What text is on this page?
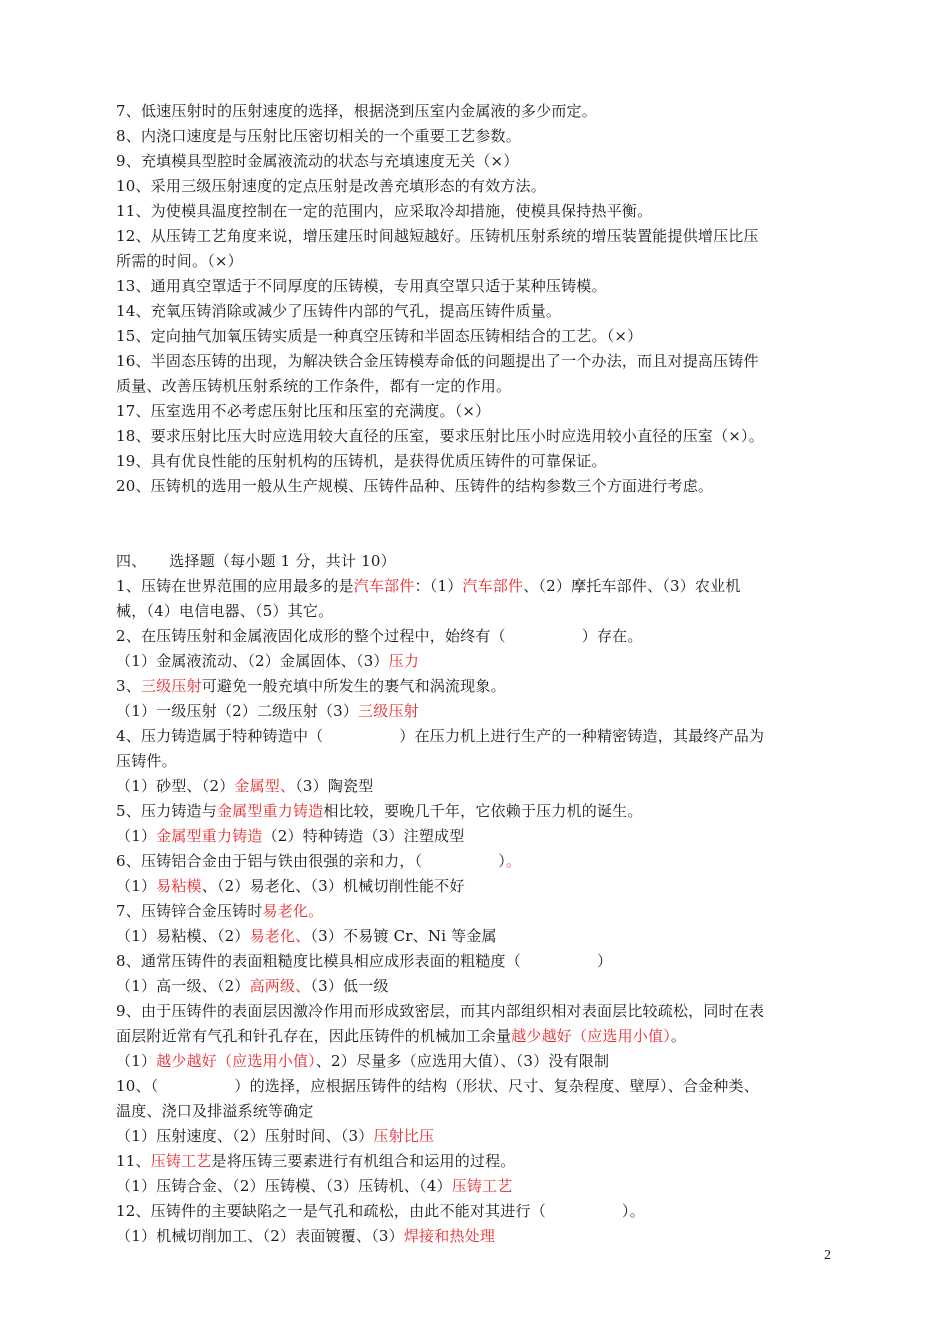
7、低速压射时的压射速度的选择，根据浇到压室内金属液的多少而定。
8、内浇口速度是与压射比压密切相关的一个重要工艺参数。
9、充填模具型腔时金属液流动的状态与充填速度无关（×）
10、采用三级压射速度的定点压射是改善充填形态的有效方法。
11、为使模具温度控制在一定的范围内，应采取冷却措施，使模具保持热平衡。
12、从压铸工艺角度来说，增压建压时间越短越好。压铸机压射系统的增压装置能提供增压比压
所需的时间。（×）
13、通用真空罩适于不同厚度的压铸模，专用真空罩只适于某种压铸模。
14、充氧压铸消除或减少了压铸件内部的气孔，提高压铸件质量。
15、定向抽气加氧压铸实质是一种真空压铸和半固态压铸相结合的工艺。（×）
16、半固态压铸的出现，为解决铁合金压铸模寿命低的问题提出了一个办法，而且对提高压铸件
质量、改善压铸机压射系统的工作条件，都有一定的作用。
17、压室选用不必考虑压射比压和压室的充满度。（×）
18、要求压射比压大时应选用较大直径的压室，要求压射比压小时应选用较小直径的压室（×）。
19、具有优良性能的压射机构的压铸机，是获得优质压铸件的可靠保证。
20、压铸机的选用一般从生产规模、压铸件品种、压铸件的结构参数三个方面进行考虑。
四、　　选择题（每小题 1 分，共计 10）
1、压铸在世界范围的应用最多的是汽车部件：（1）汽车部件、（2）摩托车部件、（3）农业机
械，（4）电信电器、（5）其它。
2、在压铸压射和金属液固化成形的整个过程中，始终有（　　　　　）存在。
（1）金属液流动、（2）金属固体、（3）压力
3、三级压射可避免一般充填中所发生的裹气和涡流现象。
（1）一级压射（2）二级压射（3）三级压射
4、压力铸造属于特种铸造中（　　　　　）在压力机上进行生产的一种精密铸造，其最终产品为
压铸件。
（1）砂型、（2）金属型、（3）陶瓷型
5、压力铸造与金属型重力铸造相比较，要晚几千年，它依赖于压力机的诞生。
（1）金属型重力铸造（2）特种铸造（3）注塑成型
6、压铸铝合金由于铝与铁由很强的亲和力，（　　　　　）。
（1）易粘模、（2）易老化、（3）机械切削性能不好
7、压铸锌合金压铸时易老化。
（1）易粘模、（2）易老化、（3）不易镀 Cr、Ni 等金属
8、通常压铸件的表面粗糙度比模具相应成形表面的粗糙度（　　　　　）
（1）高一级、（2）高两级、（3）低一级
9、由于压铸件的表面层因激冷作用而形成致密层，而其内部组织相对表面层比较疏松，同时在表
面层附近常有气孔和针孔存在，因此压铸件的机械加工余量越少越好（应选用小值）。
（1）越少越好（应选用小值）、2）尽量多（应选用大值）、（3）没有限制
10、（　　　　　）的选择，应根据压铸件的结构（形状、尺寸、复杂程度、壁厚）、合金种类、
温度、浇口及排溢系统等确定
（1）压射速度、（2）压射时间、（3）压射比压
11、压铸工艺是将压铸三要素进行有机组合和运用的过程。
（1）压铸合金、（2）压铸模、（3）压铸机、（4）压铸工艺
12、压铸件的主要缺陷之一是气孔和疏松，由此不能对其进行（　　　　　）。
（1）机械切削加工、（2）表面镀覆、（3）焊接和热处理
2
